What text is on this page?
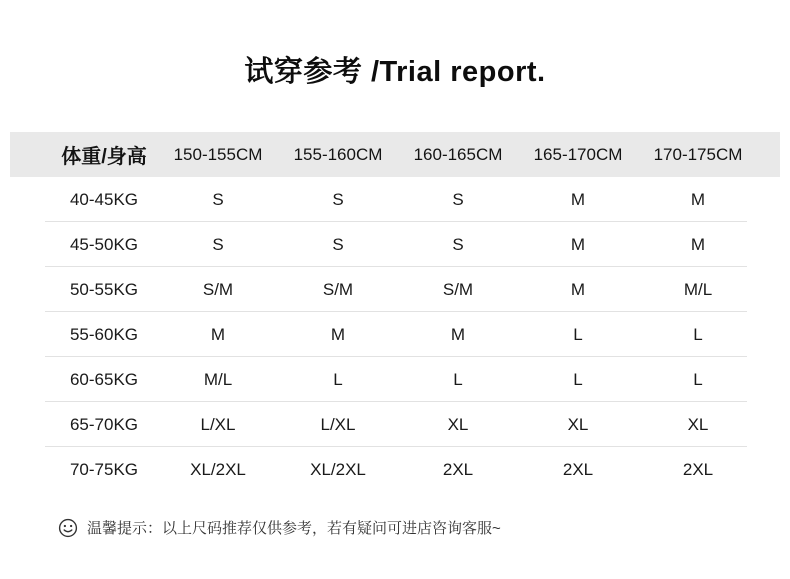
试穿参考 /Trial report.
体重/身高	150-155CM	155-160CM	160-165CM	165-170CM	170-175CM
40-45KG	S	S	S	M	M
45-50KG	S	S	S	M	M
50-55KG	S/M	S/M	S/M	M	M/L
55-60KG	M	M	M	L	L
60-65KG	M/L	L	L	L	L
65-70KG	L/XL	L/XL	XL	XL	XL
70-75KG	XL/2XL	XL/2XL	2XL	2XL	2XL
温馨提示：以上尺码推荐仅供参考，若有疑问可进店咨询客服~
